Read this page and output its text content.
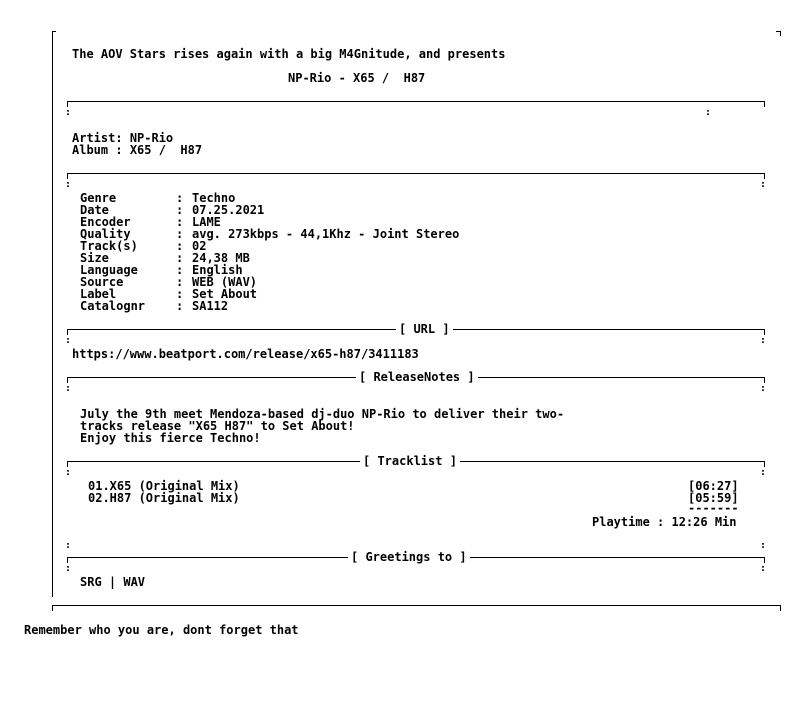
The AOV Stars rises again with a big M4Gnitude, and presents
NP-Rio - X65 /  H87
:	:
Artist: NP-Rio
Album : X65 /  H87
:	:
Genre	: Techno
Date	: 07.25.2021
Encoder	: LAME
Quality	: avg. 273kbps - 44,1Khz - Joint Stereo
Track(s)	: 02
Size	: 24,38 MB
Language	: English
Source	: WEB (WAV)
Label	: Set About
Catalognr	: SA112
[ URL ]
:	:
https://www.beatport.com/release/x65-h87/3411183
[ ReleaseNotes ]
:	:
July the 9th meet Mendoza-based dj-duo NP-Rio to deliver their two-
tracks release "X65 H87" to Set About!
Enjoy this fierce Techno!
[ Tracklist ]
:	:
01.X65 (Original Mix)	[06:27]
02.H87 (Original Mix)	[05:59]
-------
Playtime : 12:26 Min
:	:
[ Greetings to ]
:	:
SRG | WAV
Remember who you are, dont forget that
